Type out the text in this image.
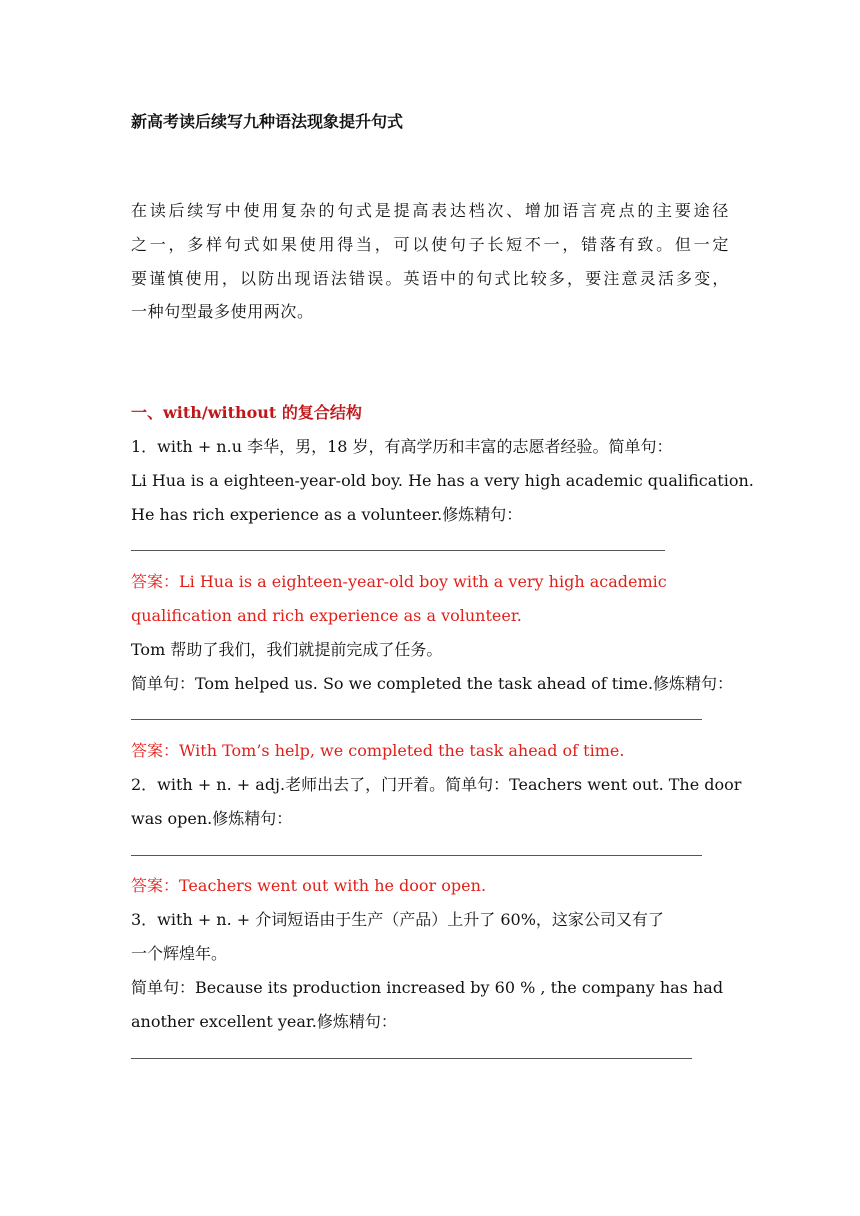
新高考读后续写九种语法现象提升句式
在读后续写中使用复杂的句式是提高表达档次、增加语言亮点的主要途径
之一，多样句式如果使用得当，可以使句子长短不一，错落有致。但一定
要谨慎使用，以防出现语法错误。英语中的句式比较多，要注意灵活多变，
一种句型最多使用两次。
一、with/without 的复合结构
1．with + n.u 李华，男，18 岁，有高学历和丰富的志愿者经验。简单句：
Li Hua is a eighteen-year-old boy. He has a very high academic qualification.
He has rich experience as a volunteer.修炼精句：
答案：Li Hua is a eighteen-year-old boy with a very high academic
qualification and rich experience as a volunteer.
Tom 帮助了我们，我们就提前完成了任务。
简单句：Tom helped us. So we completed the task ahead of time.修炼精句：
答案：With Tom’s help, we completed the task ahead of time.
2．with + n. + adj.老师出去了，门开着。简单句：Teachers went out. The door
was open.修炼精句：
答案：Teachers went out with he door open.
3．with + n. + 介词短语由于生产（产品）上升了 60%，这家公司又有了
一个辉煌年。
简单句：Because its production increased by 60 % , the company has had
another excellent year.修炼精句：
